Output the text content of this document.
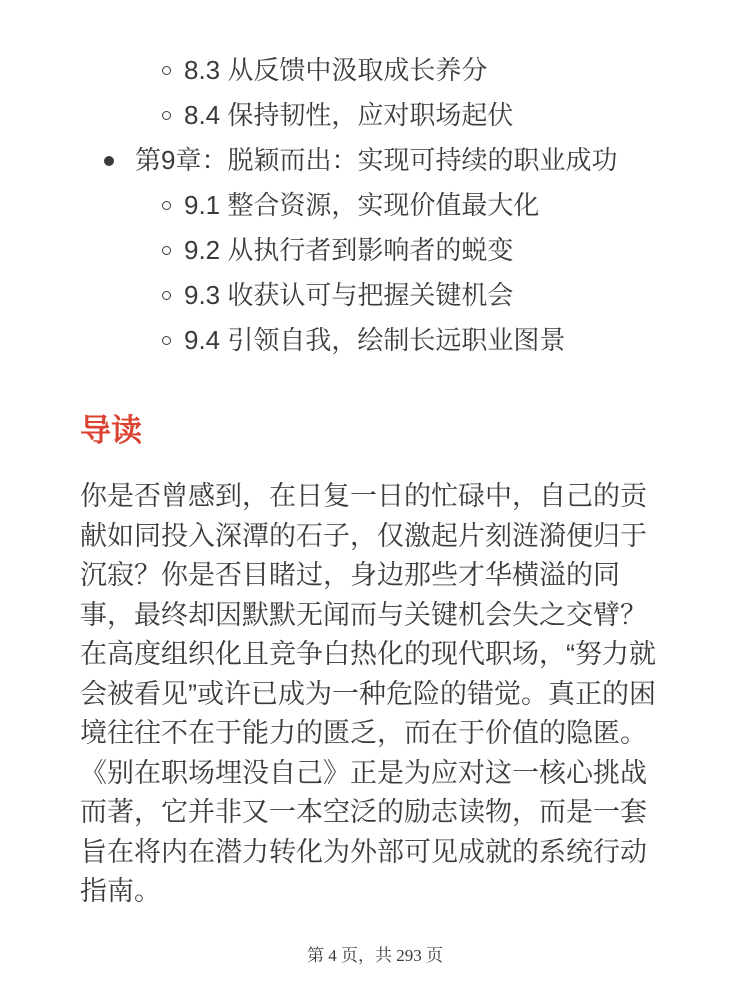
8.3 从反馈中汲取成长养分
8.4 保持韧性，应对职场起伏
第9章：脱颖而出：实现可持续的职业成功
9.1 整合资源，实现价值最大化
9.2 从执行者到影响者的蜕变
9.3 收获认可与把握关键机会
9.4 引领自我，绘制长远职业图景
导读

你是否曾感到，在日复一日的忙碌中，自己的贡献如同投入深潭的石子，仅激起片刻涟漪便归于沉寂？你是否目睹过，身边那些才华横溢的同事，最终却因默默无闻而与关键机会失之交臂？在高度组织化且竞争白热化的现代职场，“努力就会被看见”或许已成为一种危险的错觉。真正的困境往往不在于能力的匮乏，而在于价值的隐匿。《别在职场埋没自己》正是为应对这一核心挑战而著，它并非又一本空泛的励志读物，而是一套旨在将内在潜力转化为外部可见成就的系统行动指南。

第 4 页，共 293 页
